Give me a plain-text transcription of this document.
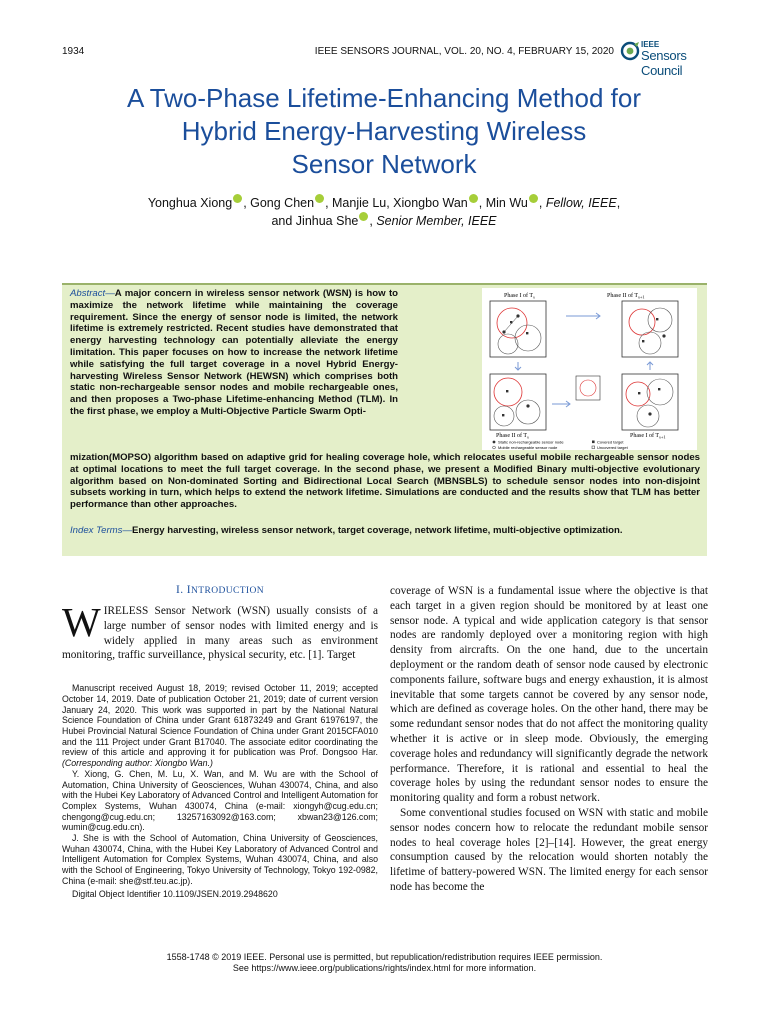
1934	IEEE SENSORS JOURNAL, VOL. 20, NO. 4, FEBRUARY 15, 2020
IEEE
Sensors Council
A Two-Phase Lifetime-Enhancing Method for
Hybrid Energy-Harvesting Wireless
Sensor Network
Yonghua Xiong , Gong Chen , Manjie Lu, Xiongbo Wan , Min Wu , Fellow, IEEE,
and Jinhua She , Senior Member, IEEE
Abstract—A major concern in wireless sensor network (WSN) is how to maximize the network lifetime while maintaining the coverage requirement. Since the energy of sensor node is limited, the network lifetime is extremely restricted. Recent studies have demonstrated that energy harvesting technology can potentially alleviate the energy limitation. This paper focuses on how to increase the network lifetime while satisfying the full target coverage in a novel Hybrid Energy-harvesting Wireless Sensor Network (HEWSN) which comprises both static non-rechargeable sensor nodes and mobile rechargeable ones, and then proposes a Two-phase Lifetime-enhancing Method (TLM). In the first phase, we employ a Multi-Objective Particle Swarm Opti-
Phase I of $T_s$	Phase II of $T_{s+1}$
Phase II of $T_s$	Phase I of $T_{s+1}$
Static non-rechargeable sensor node
Mobile rechargeable sensor node
Covered target
Uncovered target
mization(MOPSO) algorithm based on adaptive grid for healing coverage hole, which relocates useful mobile rechargeable sensor nodes at optimal locations to meet the full target coverage. In the second phase, we present a Modified Binary multi-objective evolutionary algorithm based on Non-dominated Sorting and Bidirectional Local Search (MBNSBLS) to schedule sensor nodes into non-disjoint subsets working in turn, which helps to extend the network lifetime. Simulations are conducted and the results show that TLM has better performance than other approaches.
Index Terms—Energy harvesting, wireless sensor network, target coverage, network lifetime, multi-objective optimization.
I. INTRODUCTION

WIRELESS Sensor Network (WSN) usually consists of a large number of sensor nodes with limited energy and is widely applied in many areas such as environment monitoring, traffic surveillance, physical security, etc. [1]. Target

Manuscript received August 18, 2019; revised October 11, 2019; accepted October 14, 2019. Date of publication October 21, 2019; date of current version January 24, 2020. This work was supported in part by the National Natural Science Foundation of China under Grant 61873249 and Grant 61976197, the Hubei Provincial Natural Science Foundation of China under Grant 2015CFA010 and the 111 Project under Grant B17040. The associate editor coordinating the review of this article and approving it for publication was Prof. Dongsoo Har. (Corresponding author: Xiongbo Wan.)

Y. Xiong, G. Chen, M. Lu, X. Wan, and M. Wu are with the School of Automation, China University of Geosciences, Wuhan 430074, China, and also with the Hubei Key Laboratory of Advanced Control and Intelligent Automation for Complex Systems, Wuhan 430074, China (e-mail: xiongyh@cug.edu.cn; chengong@cug.edu.cn; 13257163092@163.com; xbwan23@126.com; wumin@cug.edu.cn).

J. She is with the School of Automation, China University of Geosciences, Wuhan 430074, China, with the Hubei Key Laboratory of Advanced Control and Intelligent Automation for Complex Systems, Wuhan 430074, China, and also with the School of Engineering, Tokyo University of Technology, Tokyo 192-0982, China (e-mail: she@stf.teu.ac.jp).

Digital Object Identifier 10.1109/JSEN.2019.2948620

coverage of WSN is a fundamental issue where the objective is that each target in a given region should be monitored by at least one sensor node. A typical and wide application category is that sensor nodes are randomly deployed over a monitoring region with high density from aircrafts. On the one hand, due to the uncertain deployment or the random death of sensor node caused by electronic components failure, software bugs and energy exhaustion, it is almost inevitable that some targets cannot be covered by any sensor node, which are defined as coverage holes. On the other hand, there may be some redundant sensor nodes that do not affect the monitoring quality whether it is active or in sleep mode. Obviously, the emerging coverage holes and redundancy will significantly degrade the network performance. Therefore, it is rational and essential to heal the coverage holes by using the redundant sensor nodes to ensure the monitoring quality and form a robust network.

Some conventional studies focused on WSN with static and mobile sensor nodes concern how to relocate the redundant mobile sensor nodes to heal coverage holes [2]–[14]. However, the great energy consumption caused by the relocation would shorten notably the lifetime of battery-powered WSN. The limited energy for each sensor node has become the

1558-1748 © 2019 IEEE. Personal use is permitted, but republication/redistribution requires IEEE permission.
See https://www.ieee.org/publications/rights/index.html for more information.
